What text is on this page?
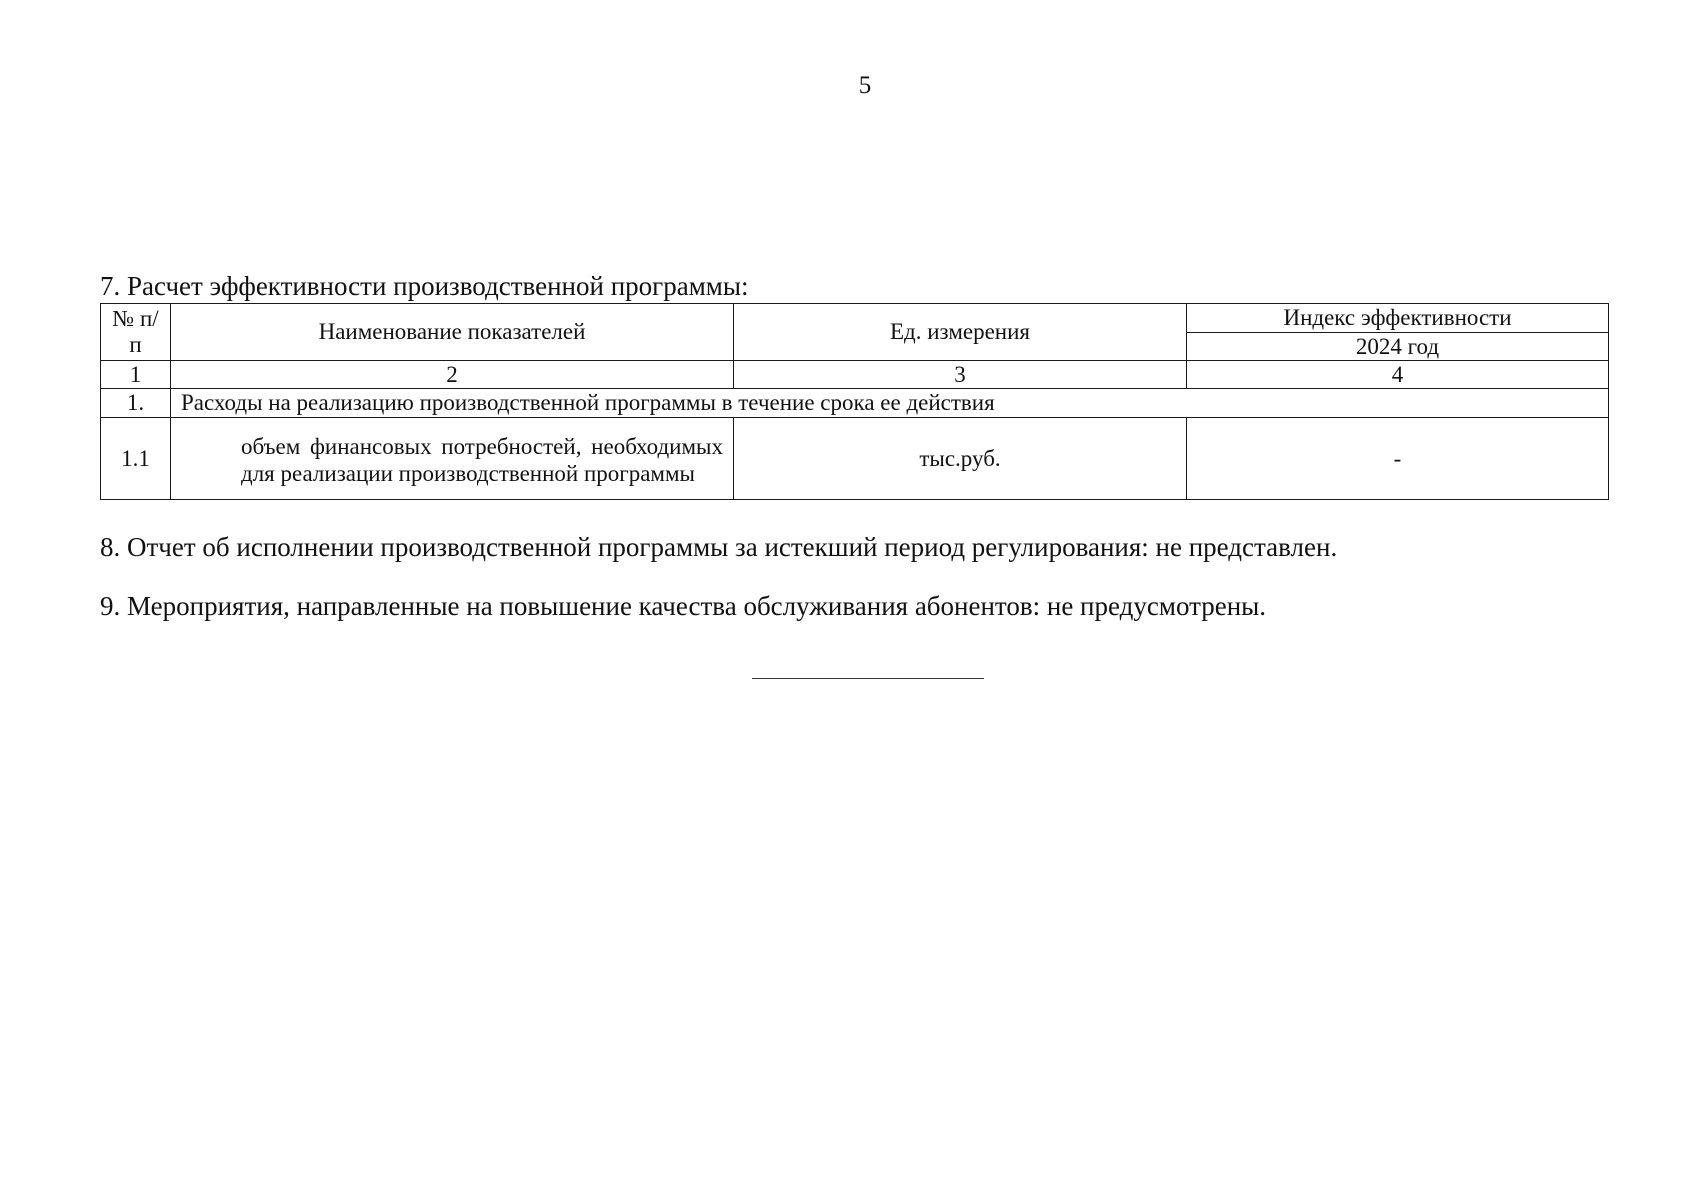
5
7. Расчет эффективности производственной программы:
№ п/п	Наименование показателей	Ед. измерения	Индекс эффективности
			2024 год
1	2	3	4
1.	Расходы на реализацию производственной программы в течение срока ее действия		
1.1	объем финансовых потребностей, необходимых для реализации производственной программы	тыс.руб.	-
8. Отчет об исполнении производственной программы за истекший период регулирования: не представлен.
9. Мероприятия, направленные на повышение качества обслуживания абонентов: не предусмотрены.
